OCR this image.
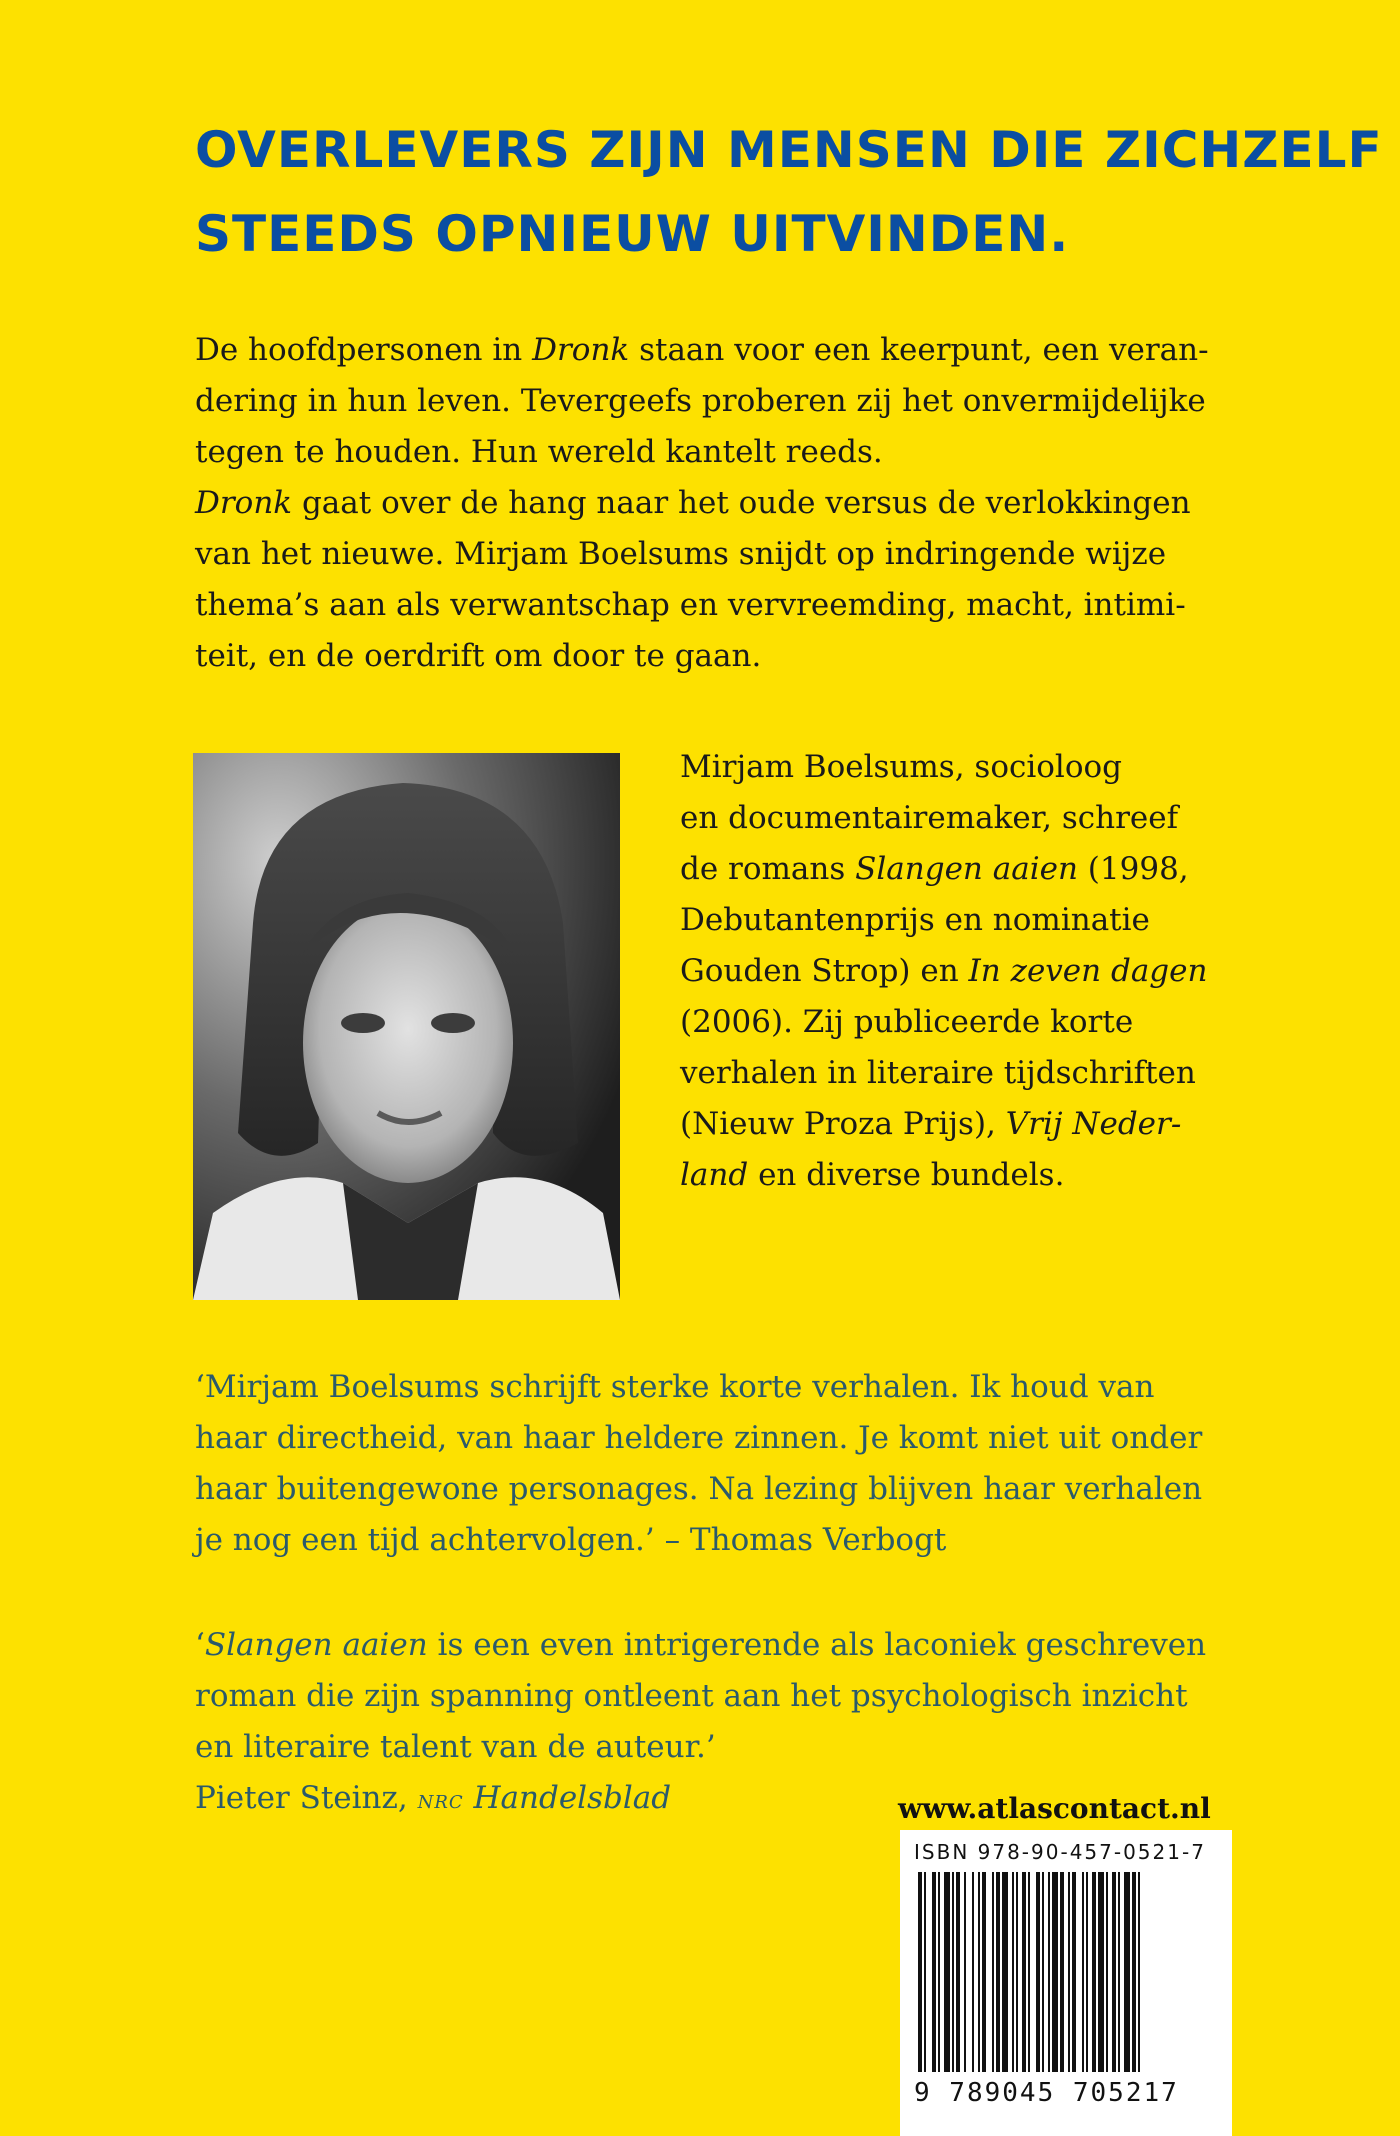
OVERLEVERS ZIJN MENSEN DIE ZICHZELF
STEEDS OPNIEUW UITVINDEN.

De hoofdpersonen in Dronk staan voor een keerpunt, een veran-
dering in hun leven. Tevergeefs proberen zij het onvermijdelijke
tegen te houden. Hun wereld kantelt reeds.
Dronk gaat over de hang naar het oude versus de verlokkingen
van het nieuwe. Mirjam Boelsums snijdt op indringende wijze
thema’s aan als verwantschap en vervreemding, macht, intimi-
teit, en de oerdrift om door te gaan.

Mirjam Boelsums, socioloog
en documentairemaker, schreef
de romans Slangen aaien (1998,
Debutantenprijs en nominatie
Gouden Strop) en In zeven dagen
(2006). Zij publiceerde korte
verhalen in literaire tijdschriften
(Nieuw Proza Prijs), Vrij Neder-
land en diverse bundels.

‘Mirjam Boelsums schrijft sterke korte verhalen. Ik houd van
haar directheid, van haar heldere zinnen. Je komt niet uit onder
haar buitengewone personages. Na lezing blijven haar verhalen
je nog een tijd achtervolgen.’ – Thomas Verbogt

‘Slangen aaien is een even intrigerende als laconiek geschreven
roman die zijn spanning ontleent aan het psychologisch inzicht
en literaire talent van de auteur.’
Pieter Steinz, nrc Handelsblad	www.atlascontact.nl
ISBN 978-90-457-0521-7
9 789045 705217
